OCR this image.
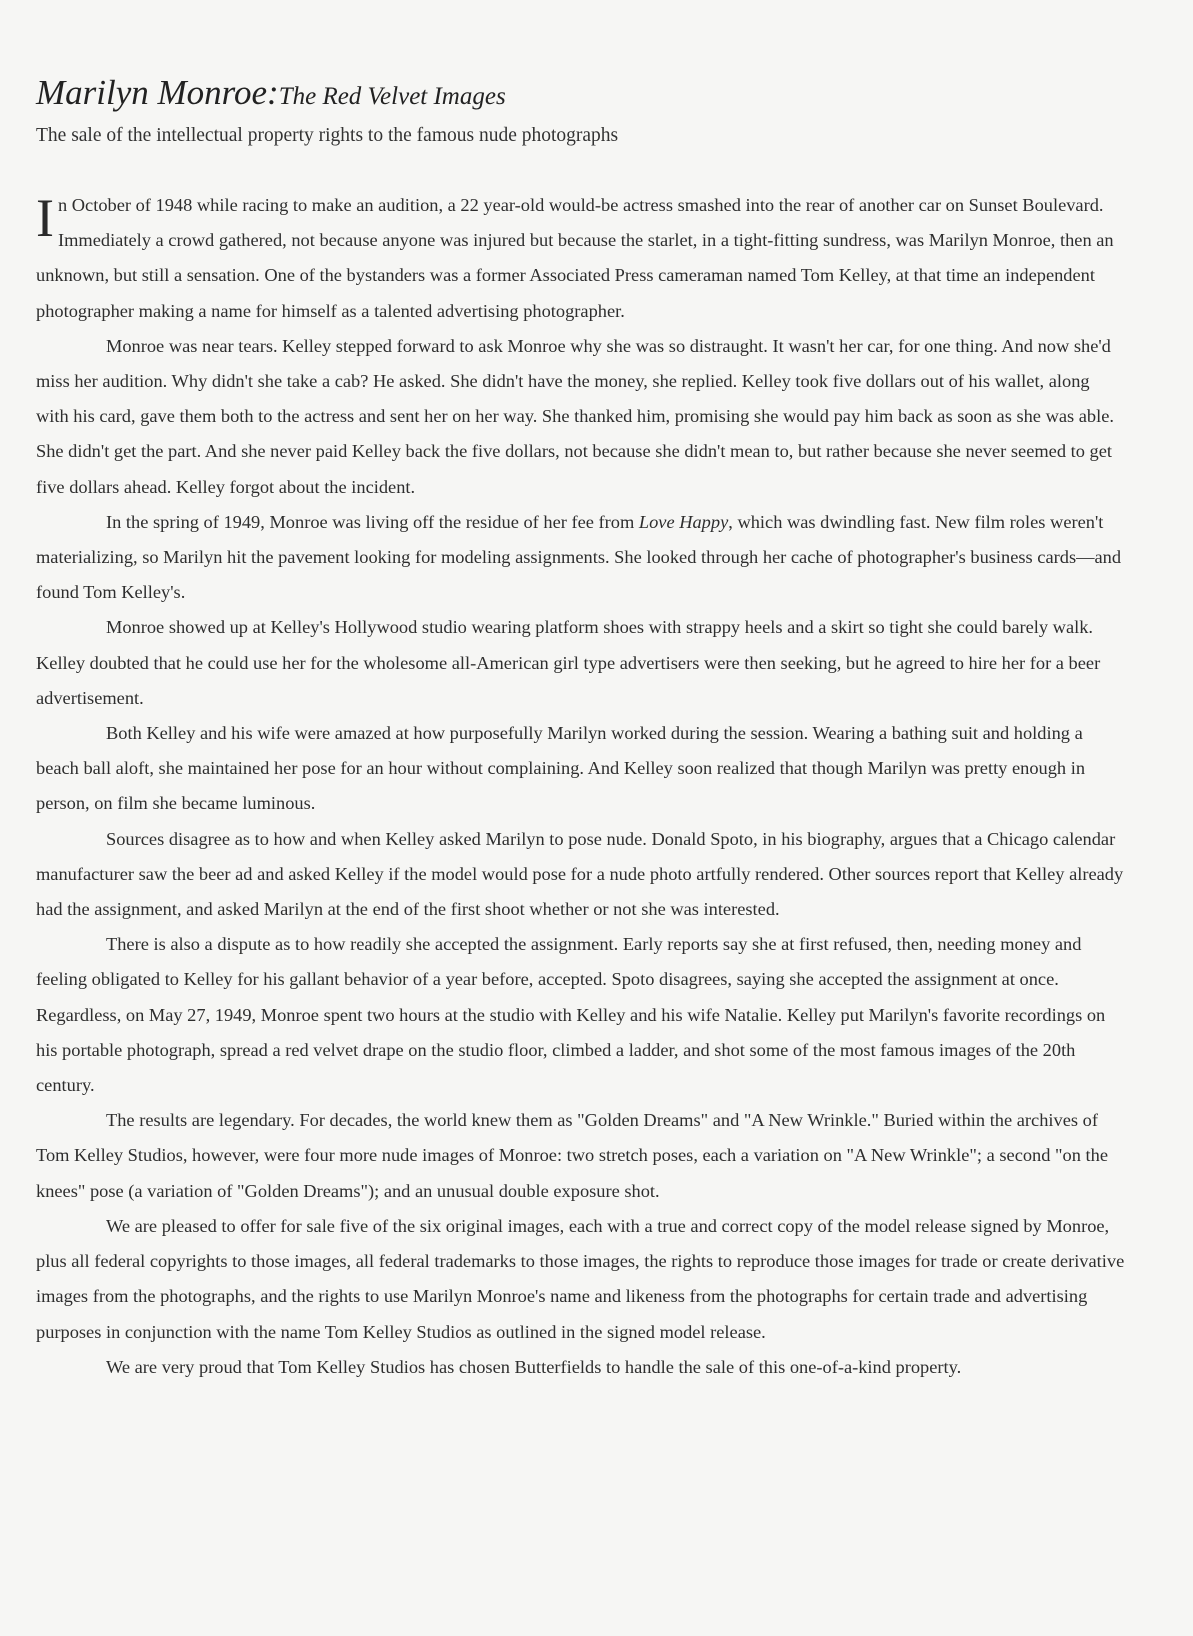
Marilyn Monroe:The Red Velvet Images
The sale of the intellectual property rights to the famous nude photographs

In October of 1948 while racing to make an audition, a 22 year-old would-be actress smashed into the rear of another car on Sunset Boulevard. Immediately a crowd gathered, not because anyone was injured but because the starlet, in a tight-fitting sundress, was Marilyn Monroe, then an unknown, but still a sensation. One of the bystanders was a former Associated Press cameraman named Tom Kelley, at that time an independent photographer making a name for himself as a talented advertising photographer.

Monroe was near tears. Kelley stepped forward to ask Monroe why she was so distraught. It wasn't her car, for one thing. And now she'd miss her audition. Why didn't she take a cab? He asked. She didn't have the money, she replied. Kelley took five dollars out of his wallet, along with his card, gave them both to the actress and sent her on her way. She thanked him, promising she would pay him back as soon as she was able. She didn't get the part. And she never paid Kelley back the five dollars, not because she didn't mean to, but rather because she never seemed to get five dollars ahead. Kelley forgot about the incident.

In the spring of 1949, Monroe was living off the residue of her fee from Love Happy, which was dwindling fast. New film roles weren't materializing, so Marilyn hit the pavement looking for modeling assignments. She looked through her cache of photographer's business cards—and found Tom Kelley's.

Monroe showed up at Kelley's Hollywood studio wearing platform shoes with strappy heels and a skirt so tight she could barely walk. Kelley doubted that he could use her for the wholesome all-American girl type advertisers were then seeking, but he agreed to hire her for a beer advertisement.

Both Kelley and his wife were amazed at how purposefully Marilyn worked during the session. Wearing a bathing suit and holding a beach ball aloft, she maintained her pose for an hour without complaining. And Kelley soon realized that though Marilyn was pretty enough in person, on film she became luminous.

Sources disagree as to how and when Kelley asked Marilyn to pose nude. Donald Spoto, in his biography, argues that a Chicago calendar manufacturer saw the beer ad and asked Kelley if the model would pose for a nude photo artfully rendered. Other sources report that Kelley already had the assignment, and asked Marilyn at the end of the first shoot whether or not she was interested.

There is also a dispute as to how readily she accepted the assignment. Early reports say she at first refused, then, needing money and feeling obligated to Kelley for his gallant behavior of a year before, accepted. Spoto disagrees, saying she accepted the assignment at once. Regardless, on May 27, 1949, Monroe spent two hours at the studio with Kelley and his wife Natalie. Kelley put Marilyn's favorite recordings on his portable photograph, spread a red velvet drape on the studio floor, climbed a ladder, and shot some of the most famous images of the 20th century.

The results are legendary. For decades, the world knew them as "Golden Dreams" and "A New Wrinkle." Buried within the archives of Tom Kelley Studios, however, were four more nude images of Monroe: two stretch poses, each a variation on "A New Wrinkle"; a second "on the knees" pose (a variation of "Golden Dreams"); and an unusual double exposure shot.

We are pleased to offer for sale five of the six original images, each with a true and correct copy of the model release signed by Monroe, plus all federal copyrights to those images, all federal trademarks to those images, the rights to reproduce those images for trade or create derivative images from the photographs, and the rights to use Marilyn Monroe's name and likeness from the photographs for certain trade and advertising purposes in conjunction with the name Tom Kelley Studios as outlined in the signed model release.

We are very proud that Tom Kelley Studios has chosen Butterfields to handle the sale of this one-of-a-kind property.
